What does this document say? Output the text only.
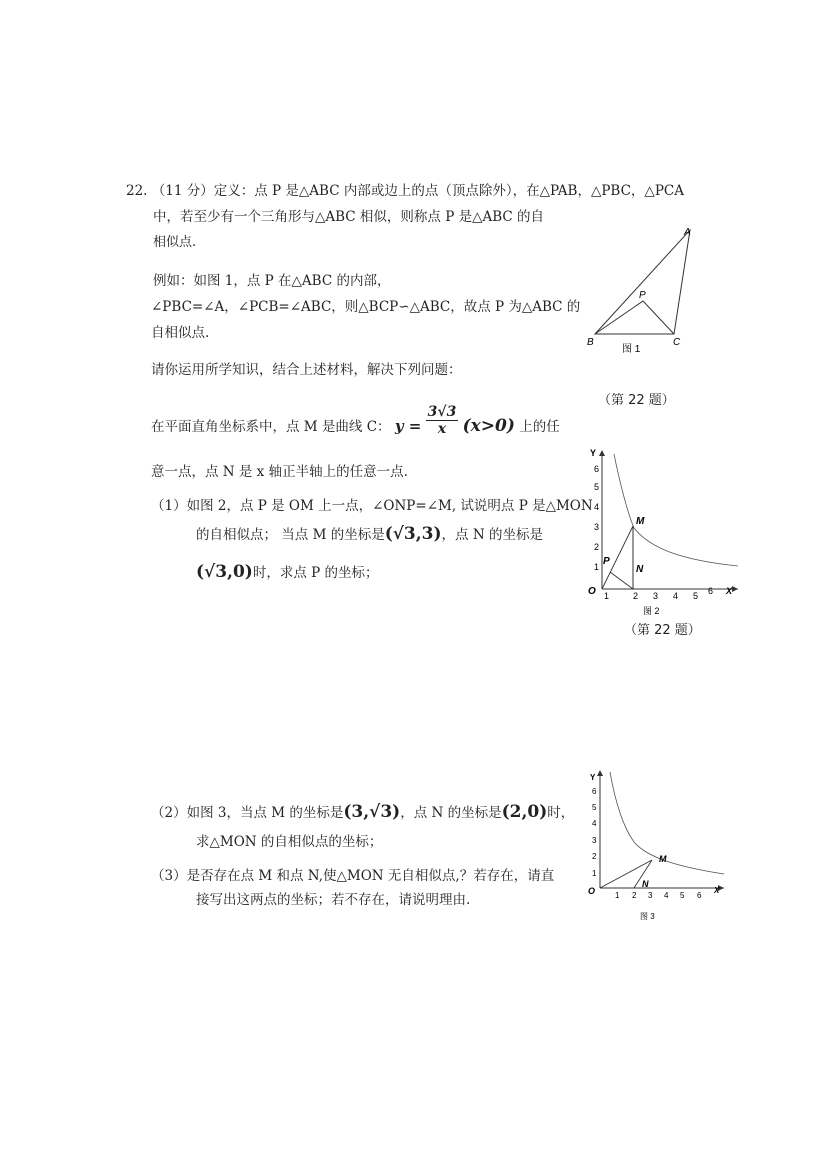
22. （11 分）定义：点 P 是△ABC 内部或边上的点（顶点除外），在△PAB，△PBC，△PCA
中，若至少有一个三角形与△ABC 相似，则称点 P 是△ABC 的自
相似点.
例如：如图 1，点 P 在△ABC 的内部，
∠PBC=∠A，∠PCB=∠ABC，则△BCP∽△ABC，故点 P 为△ABC 的
自相似点.
请你运用所学知识，结合上述材料，解决下列问题：
在平面直角坐标系中，点 M 是曲线 C： $y = \frac{3√3}{x} (x>0)$ 上的任
意一点，点 N 是 x 轴正半轴上的任意一点.
（1）如图 2，点 P 是 OM 上一点，∠ONP=∠M, 试说明点 P 是△MON
的自相似点； 当点 M 的坐标是(√3,3)，点 N 的坐标是
(√3,0)时，求点 P 的坐标；
（2）如图 3，当点 M 的坐标是(3,√3)，点 N 的坐标是(2,0)时，
求△MON 的自相似点的坐标；
（3）是否存在点 M 和点 N,使△MON 无自相似点,？若存在，请直
接写出这两点的坐标；若不存在，请说明理由.
A
B	C
P
图 1
（第 22 题）
1	2 3 4 5 6
1
2
3
4
5
6
Y
X
O
M
N
P
图 2
（第 22 题）
1 2 3 4 5 6
1
2
3
4
5
6
Y
X
O
M
N
图 3
